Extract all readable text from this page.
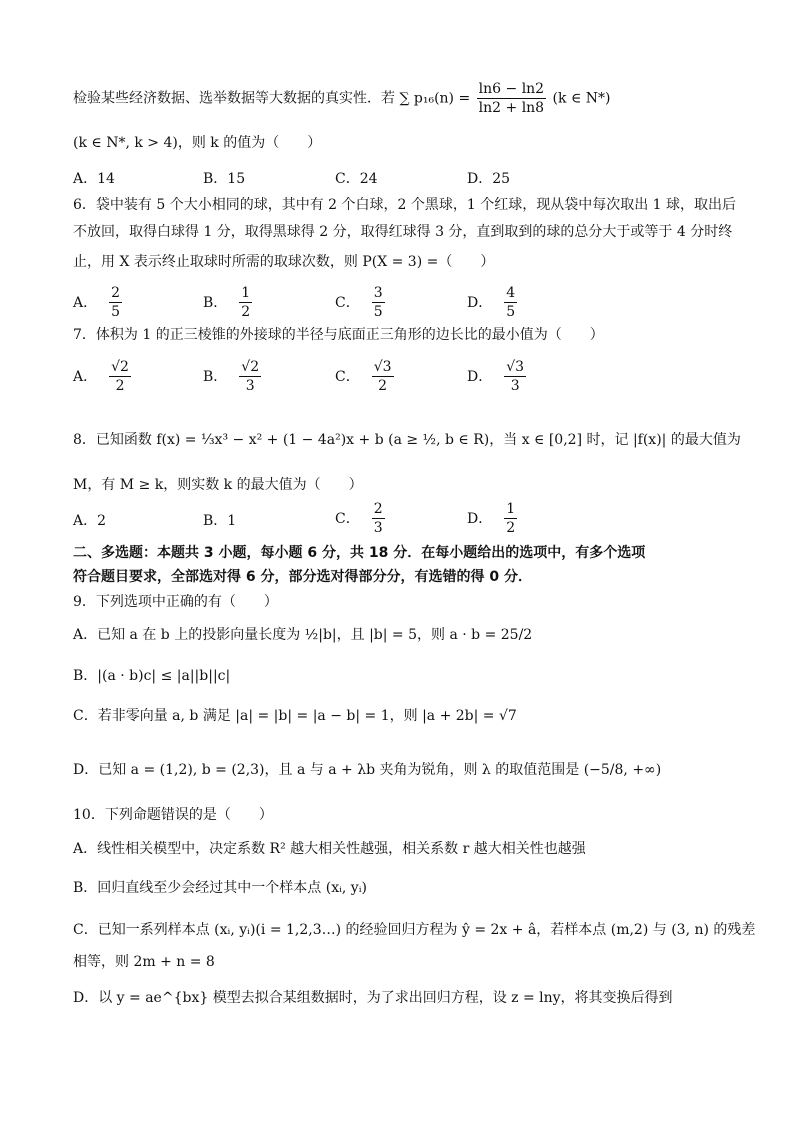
检验某些经济数据、选举数据等大数据的真实性．若 ∑ $p_{16}(n) = \frac{\ln 6 - \ln 2}{\ln 2 + \ln 8} (k$ ∈ N*)
(k ∈ N*, k > 4)，则 k 的值为（　　）
A．14	B．15	C．24	D．25
6．袋中装有 5 个大小相同的球，其中有 2 个白球，2 个黑球，1 个红球，现从袋中每次取出 1 球，取出后
不放回，取得白球得 1 分，取得黑球得 2 分，取得红球得 3 分，直到取到的球的总分大于或等于 4 分时终
止，用 X 表示终止取球时所需的取球次数，则 P(X = 3) =（　　）
A． $\frac{2}{5}$	B． $\frac{1}{2}$	C． $\frac{3}{5}$	D． $\frac{4}{5}$
7．体积为 1 的正三棱锥的外接球的半径与底面正三角形的边长比的最小值为（　　）
A． $\frac{√2}{2}$	B． $\frac{√2}{3}$	C． $\frac{√3}{2}$	D． $\frac{√3}{3}$
8．已知函数 f(x) = ⅓x³ − x² + (1 − 4a²)x + b (a ≥ ½, b ∈ R)，当 x ∈ [0,2] 时，记 |f(x)| 的最大值为
M，有 M ≥ k，则实数 k 的最大值为（　　）
A．2	B．1	C． $\frac{2}{3}$	D． $\frac{1}{2}$
二、多选题：本题共 3 小题，每小题 6 分，共 18 分．在每小题给出的选项中，有多个选项
符合题目要求，全部选对得 6 分，部分选对得部分分，有选错的得 0 分．
9．下列选项中正确的有（　　）
A．已知 a 在 b 上的投影向量长度为 ½|b|，且 |b| = 5，则 a · b = 25/2
B．|(a · b)c| ≤ |a||b||c|
C．若非零向量 a, b 满足 |a| = |b| = |a − b| = 1，则 |a + 2b| = √7
D．已知 a = (1,2), b = (2,3)，且 a 与 a + λb 夹角为锐角，则 λ 的取值范围是 (−5/8, +∞)
10．下列命题错误的是（　　）
A．线性相关模型中，决定系数 R² 越大相关性越强，相关系数 r 越大相关性也越强
B．回归直线至少会经过其中一个样本点 (xᵢ, yᵢ)
C．已知一系列样本点 (xᵢ, yᵢ)(i = 1,2,3…) 的经验回归方程为 ŷ = 2x + â，若样本点 (m,2) 与 (3, n) 的残差
相等，则 2m + n = 8
D．以 y = ae^{bx} 模型去拟合某组数据时，为了求出回归方程，设 z = lny，将其变换后得到
